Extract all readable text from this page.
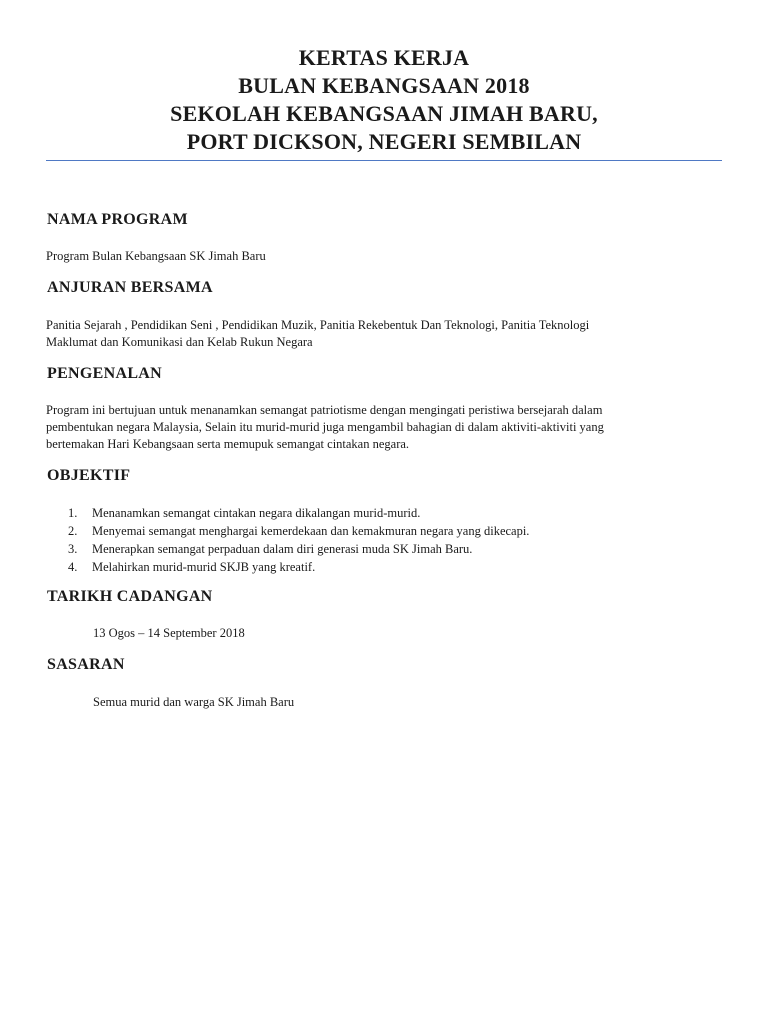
KERTAS KERJA
BULAN KEBANGSAAN 2018
SEKOLAH KEBANGSAAN JIMAH BARU,
PORT DICKSON, NEGERI SEMBILAN
NAMA PROGRAM
Program Bulan Kebangsaan SK Jimah Baru
ANJURAN BERSAMA
Panitia Sejarah , Pendidikan Seni , Pendidikan Muzik, Panitia Rekebentuk Dan Teknologi, Panitia Teknologi
Maklumat dan Komunikasi dan Kelab Rukun Negara
PENGENALAN
Program ini bertujuan untuk menanamkan semangat patriotisme dengan mengingati peristiwa bersejarah dalam
pembentukan negara Malaysia, Selain itu murid-murid juga mengambil bahagian di dalam aktiviti-aktiviti yang
bertemakan Hari Kebangsaan serta memupuk semangat cintakan negara.
OBJEKTIF
1.	Menanamkan semangat cintakan negara dikalangan murid-murid.
2.	Menyemai semangat menghargai kemerdekaan dan kemakmuran negara yang dikecapi.
3.	Menerapkan semangat perpaduan dalam diri generasi muda SK Jimah Baru.
4.	Melahirkan murid-murid SKJB yang kreatif.
TARIKH CADANGAN
13 Ogos – 14 September 2018
SASARAN
Semua murid dan warga SK Jimah Baru
